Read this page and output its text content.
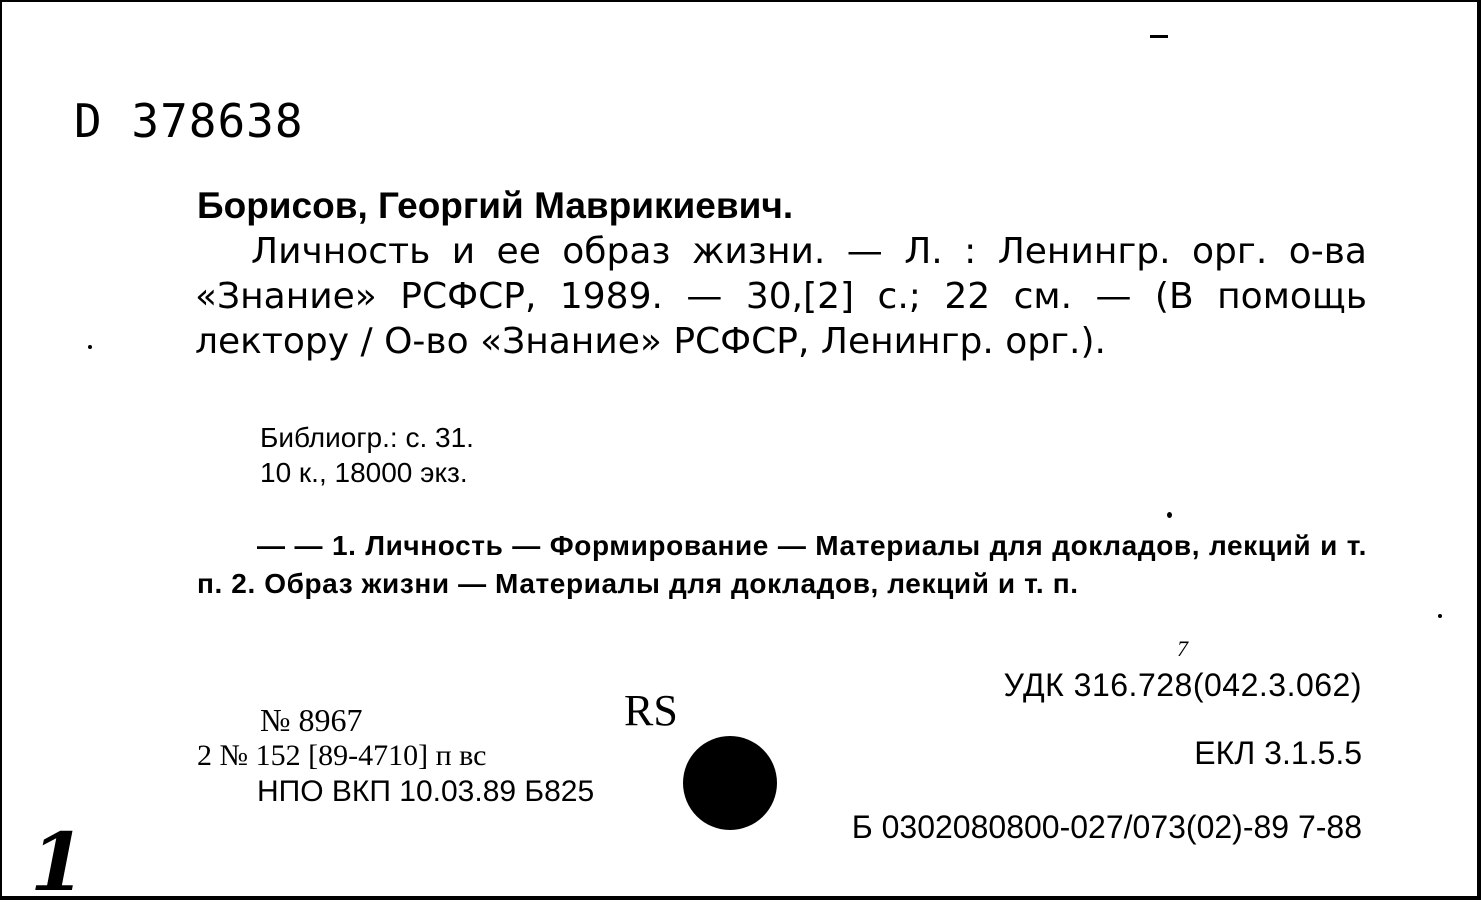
D 378638
Борисов, Георгий Маврикиевич.
Личность и ее образ жизни. — Л. : Ленингр. орг. о-ва «Знание» РСФСР, 1989. — 30,[2] с.; 22 см. — (В помощь лектору / О-во «Знание» РСФСР, Ленингр. орг.).
Библиогр.: с. 31.
10 к., 18000 экз.
— — 1. Личность — Формирование — Материалы для докладов, лекций и т. п. 2. Образ жизни — Материалы для докладов, лекций и т. п.
7
УДК 316.728(042.3.062)
ЕКЛ 3.1.5.5
Б 0302080800-027/073(02)-89 7-88
№ 8967
2 № 152 [89-4710] п вс
НПО ВКП 10.03.89 Б825
RS
1
